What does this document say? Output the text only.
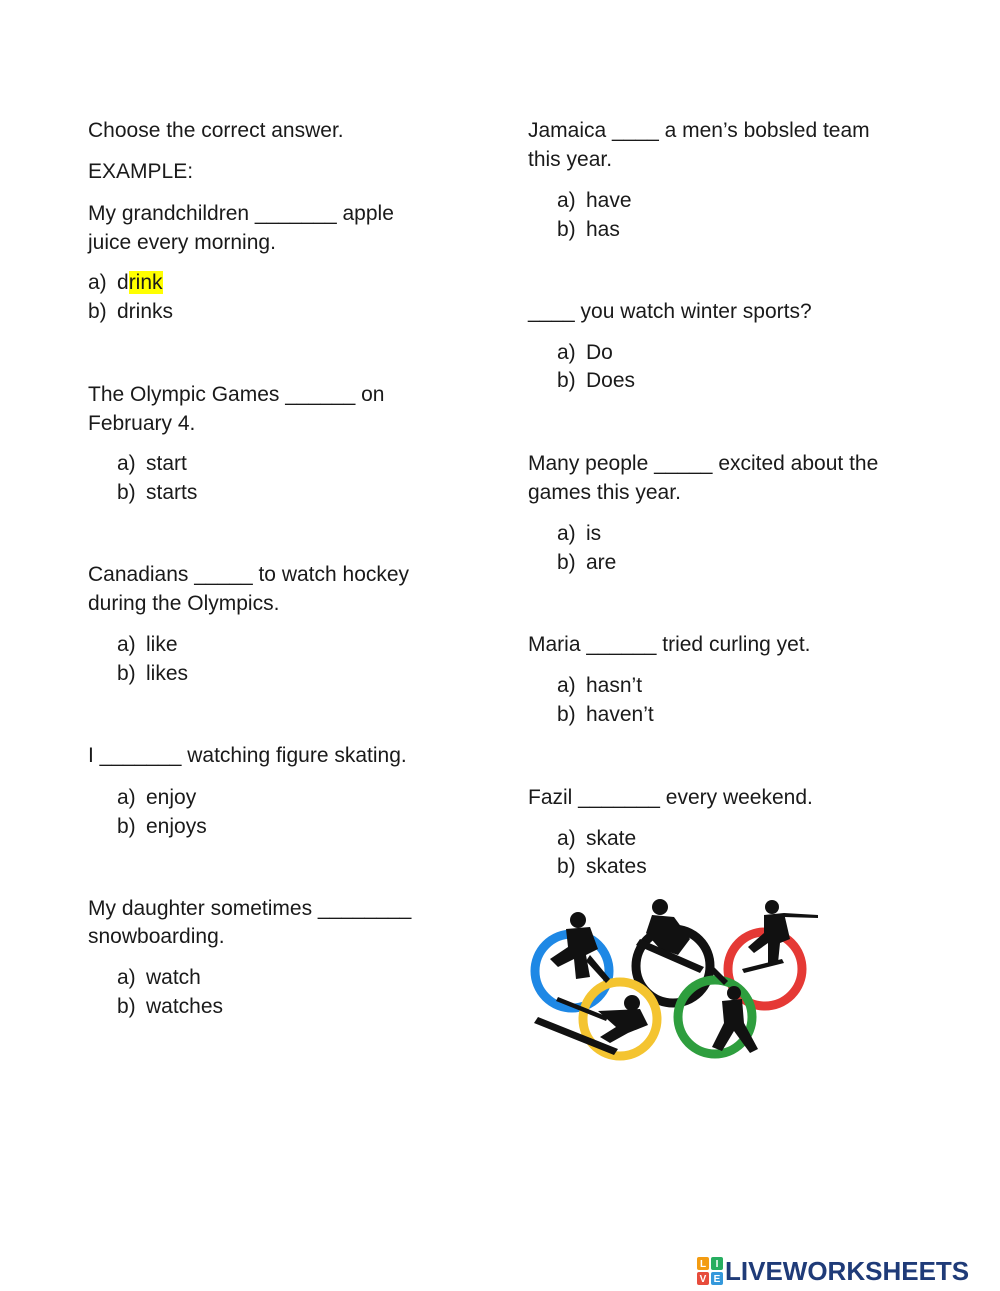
Choose the correct answer.
EXAMPLE:
My grandchildren _______ apple
juice every morning.
a) drink
b) drinks
The Olympic Games ______ on
February 4.
a) start
b) starts
Canadians _____ to watch hockey
during the Olympics.
a) like
b) likes
I _______ watching figure skating.
a) enjoy
b) enjoys
My daughter sometimes ________
snowboarding.
a) watch
b) watches
Jamaica ____ a men’s bobsled team
this year.
a) have
b) has
____ you watch winter sports?
a) Do
b) Does
Many people _____ excited about the
games this year.
a) is
b) are
Maria ______ tried curling yet.
a) hasn’t
b) haven’t
Fazil _______ every weekend.
a) skate
b) skates
L I
V E LIVEWORKSHEETS
